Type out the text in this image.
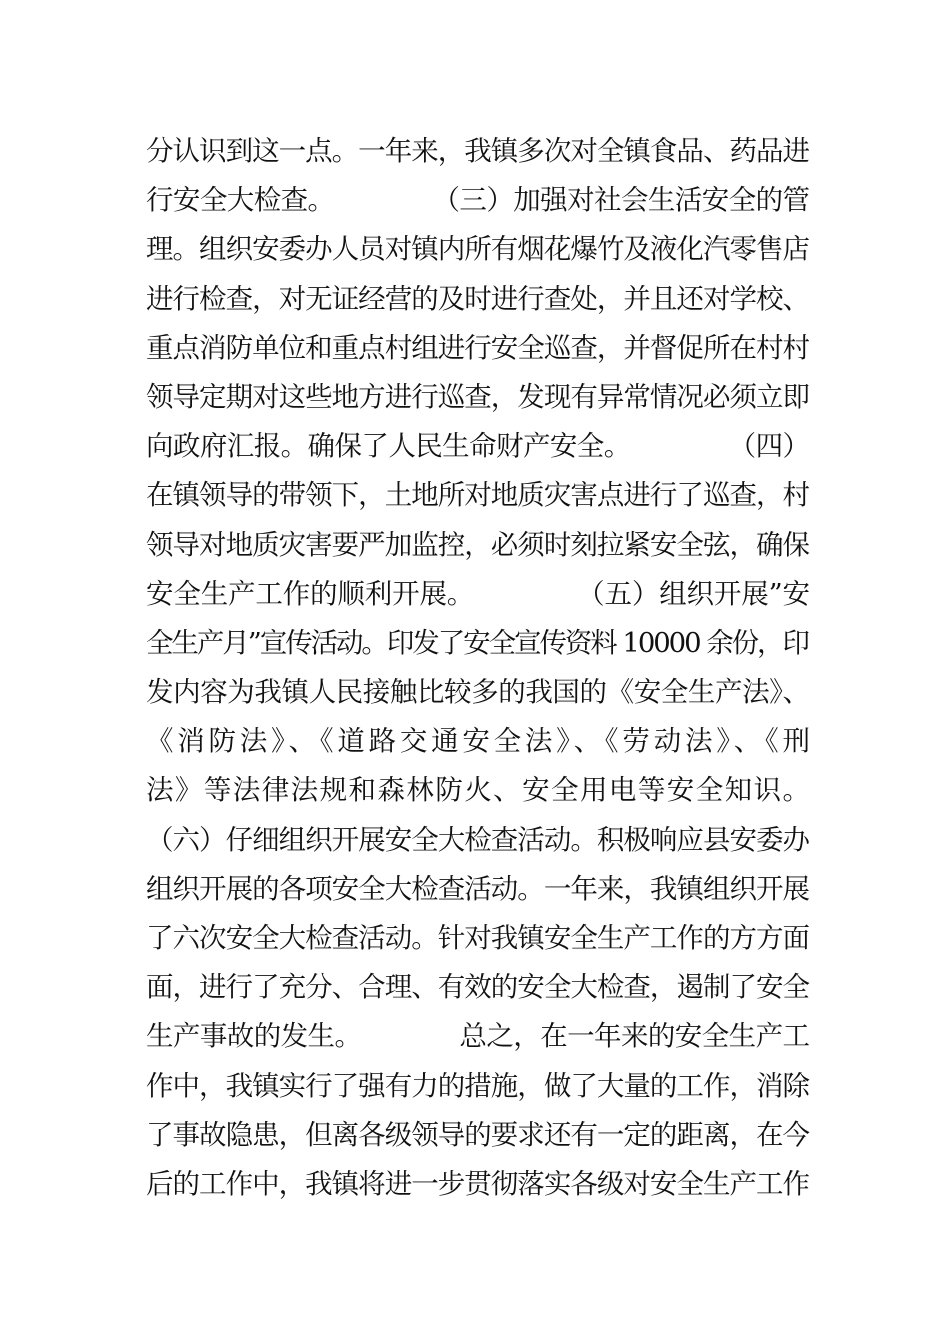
分认识到这一点。一年来，我镇多次对全镇食品、药品进
行安全大检查。            （三）加强对社会生活安全的管
理。组织安委办人员对镇内所有烟花爆竹及液化汽零售店
进行检查，对无证经营的及时进行查处，并且还对学校、
重点消防单位和重点村组进行安全巡查，并督促所在村村
领导定期对这些地方进行巡查，发现有异常情况必须立即
向政府汇报。确保了人民生命财产安全。            （四）
在镇领导的带领下，土地所对地质灾害点进行了巡查，村
领导对地质灾害要严加监控，必须时刻拉紧安全弦，确保
安全生产工作的顺利开展。            （五）组织开展”安
全生产月”宣传活动。印发了安全宣传资料 10000 余份，印
发内容为我镇人民接触比较多的我国的《安全生产法》、
《消防法》、《道路交通安全法》、《劳动法》、《刑
法》等法律法规和森林防火、安全用电等安全知识。
（六）仔细组织开展安全大检查活动。积极响应县安委办
组织开展的各项安全大检查活动。一年来，我镇组织开展
了六次安全大检查活动。针对我镇安全生产工作的方方面
面，进行了充分、合理、有效的安全大检查，遏制了安全
生产事故的发生。            总之，在一年来的安全生产工
作中，我镇实行了强有力的措施，做了大量的工作，消除
了事故隐患，但离各级领导的要求还有一定的距离，在今
后的工作中，我镇将进一步贯彻落实各级对安全生产工作
